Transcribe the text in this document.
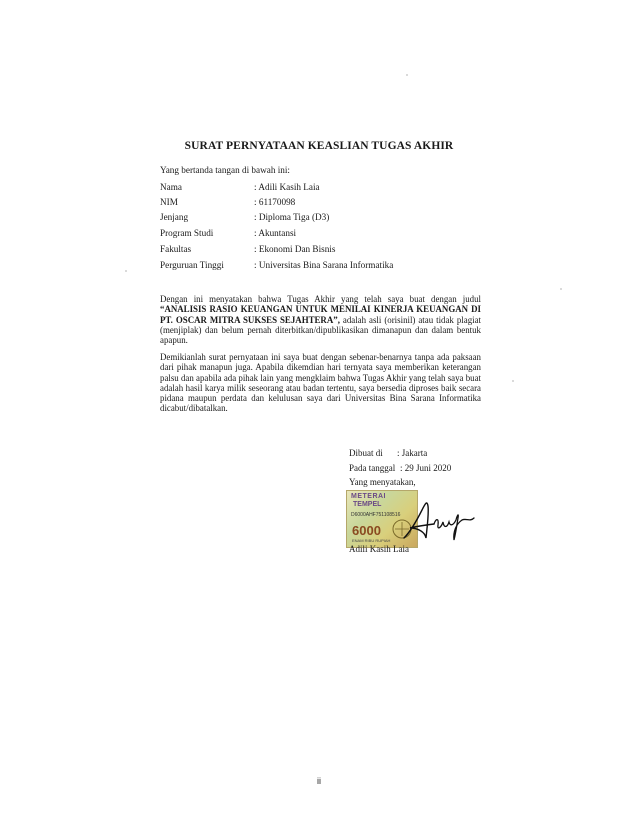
SURAT PERNYATAAN KEASLIAN TUGAS AKHIR
Yang bertanda tangan di bawah ini:
Nama	: Adili Kasih Laia
NIM	: 61170098
Jenjang	: Diploma Tiga (D3)
Program Studi	: Akuntansi
Fakultas	: Ekonomi Dan Bisnis
Perguruan Tinggi	: Universitas Bina Sarana Informatika
Dengan ini menyatakan bahwa Tugas Akhir yang telah saya buat dengan judul “ANALISIS RASIO KEUANGAN UNTUK MENILAI KINERJA KEUANGAN DI PT. OSCAR MITRA SUKSES SEJAHTERA”, adalah asli (orisinil) atau tidak plagiat (menjiplak) dan belum pernah diterbitkan/dipublikasikan dimanapun dan dalam bentuk apapun.
Demikianlah surat pernyataan ini saya buat dengan sebenar-benarnya tanpa ada paksaan dari pihak manapun juga. Apabila dikemdian hari ternyata saya memberikan keterangan palsu dan apabila ada pihak lain yang mengklaim bahwa Tugas Akhir yang telah saya buat adalah hasil karya milik seseorang atau badan tertentu, saya bersedia diproses baik secara pidana maupun perdata dan kelulusan saya dari Universitas Bina Sarana Informatika dicabut/dibatalkan.
Dibuat di : Jakarta
Pada tanggal : 29 Juni 2020
Yang menyatakan,
METERAI
TEMPEL
D6000AHF751108516
6000
ENAM RIBU RUPIAH
Adili Kasih Laia
ii
